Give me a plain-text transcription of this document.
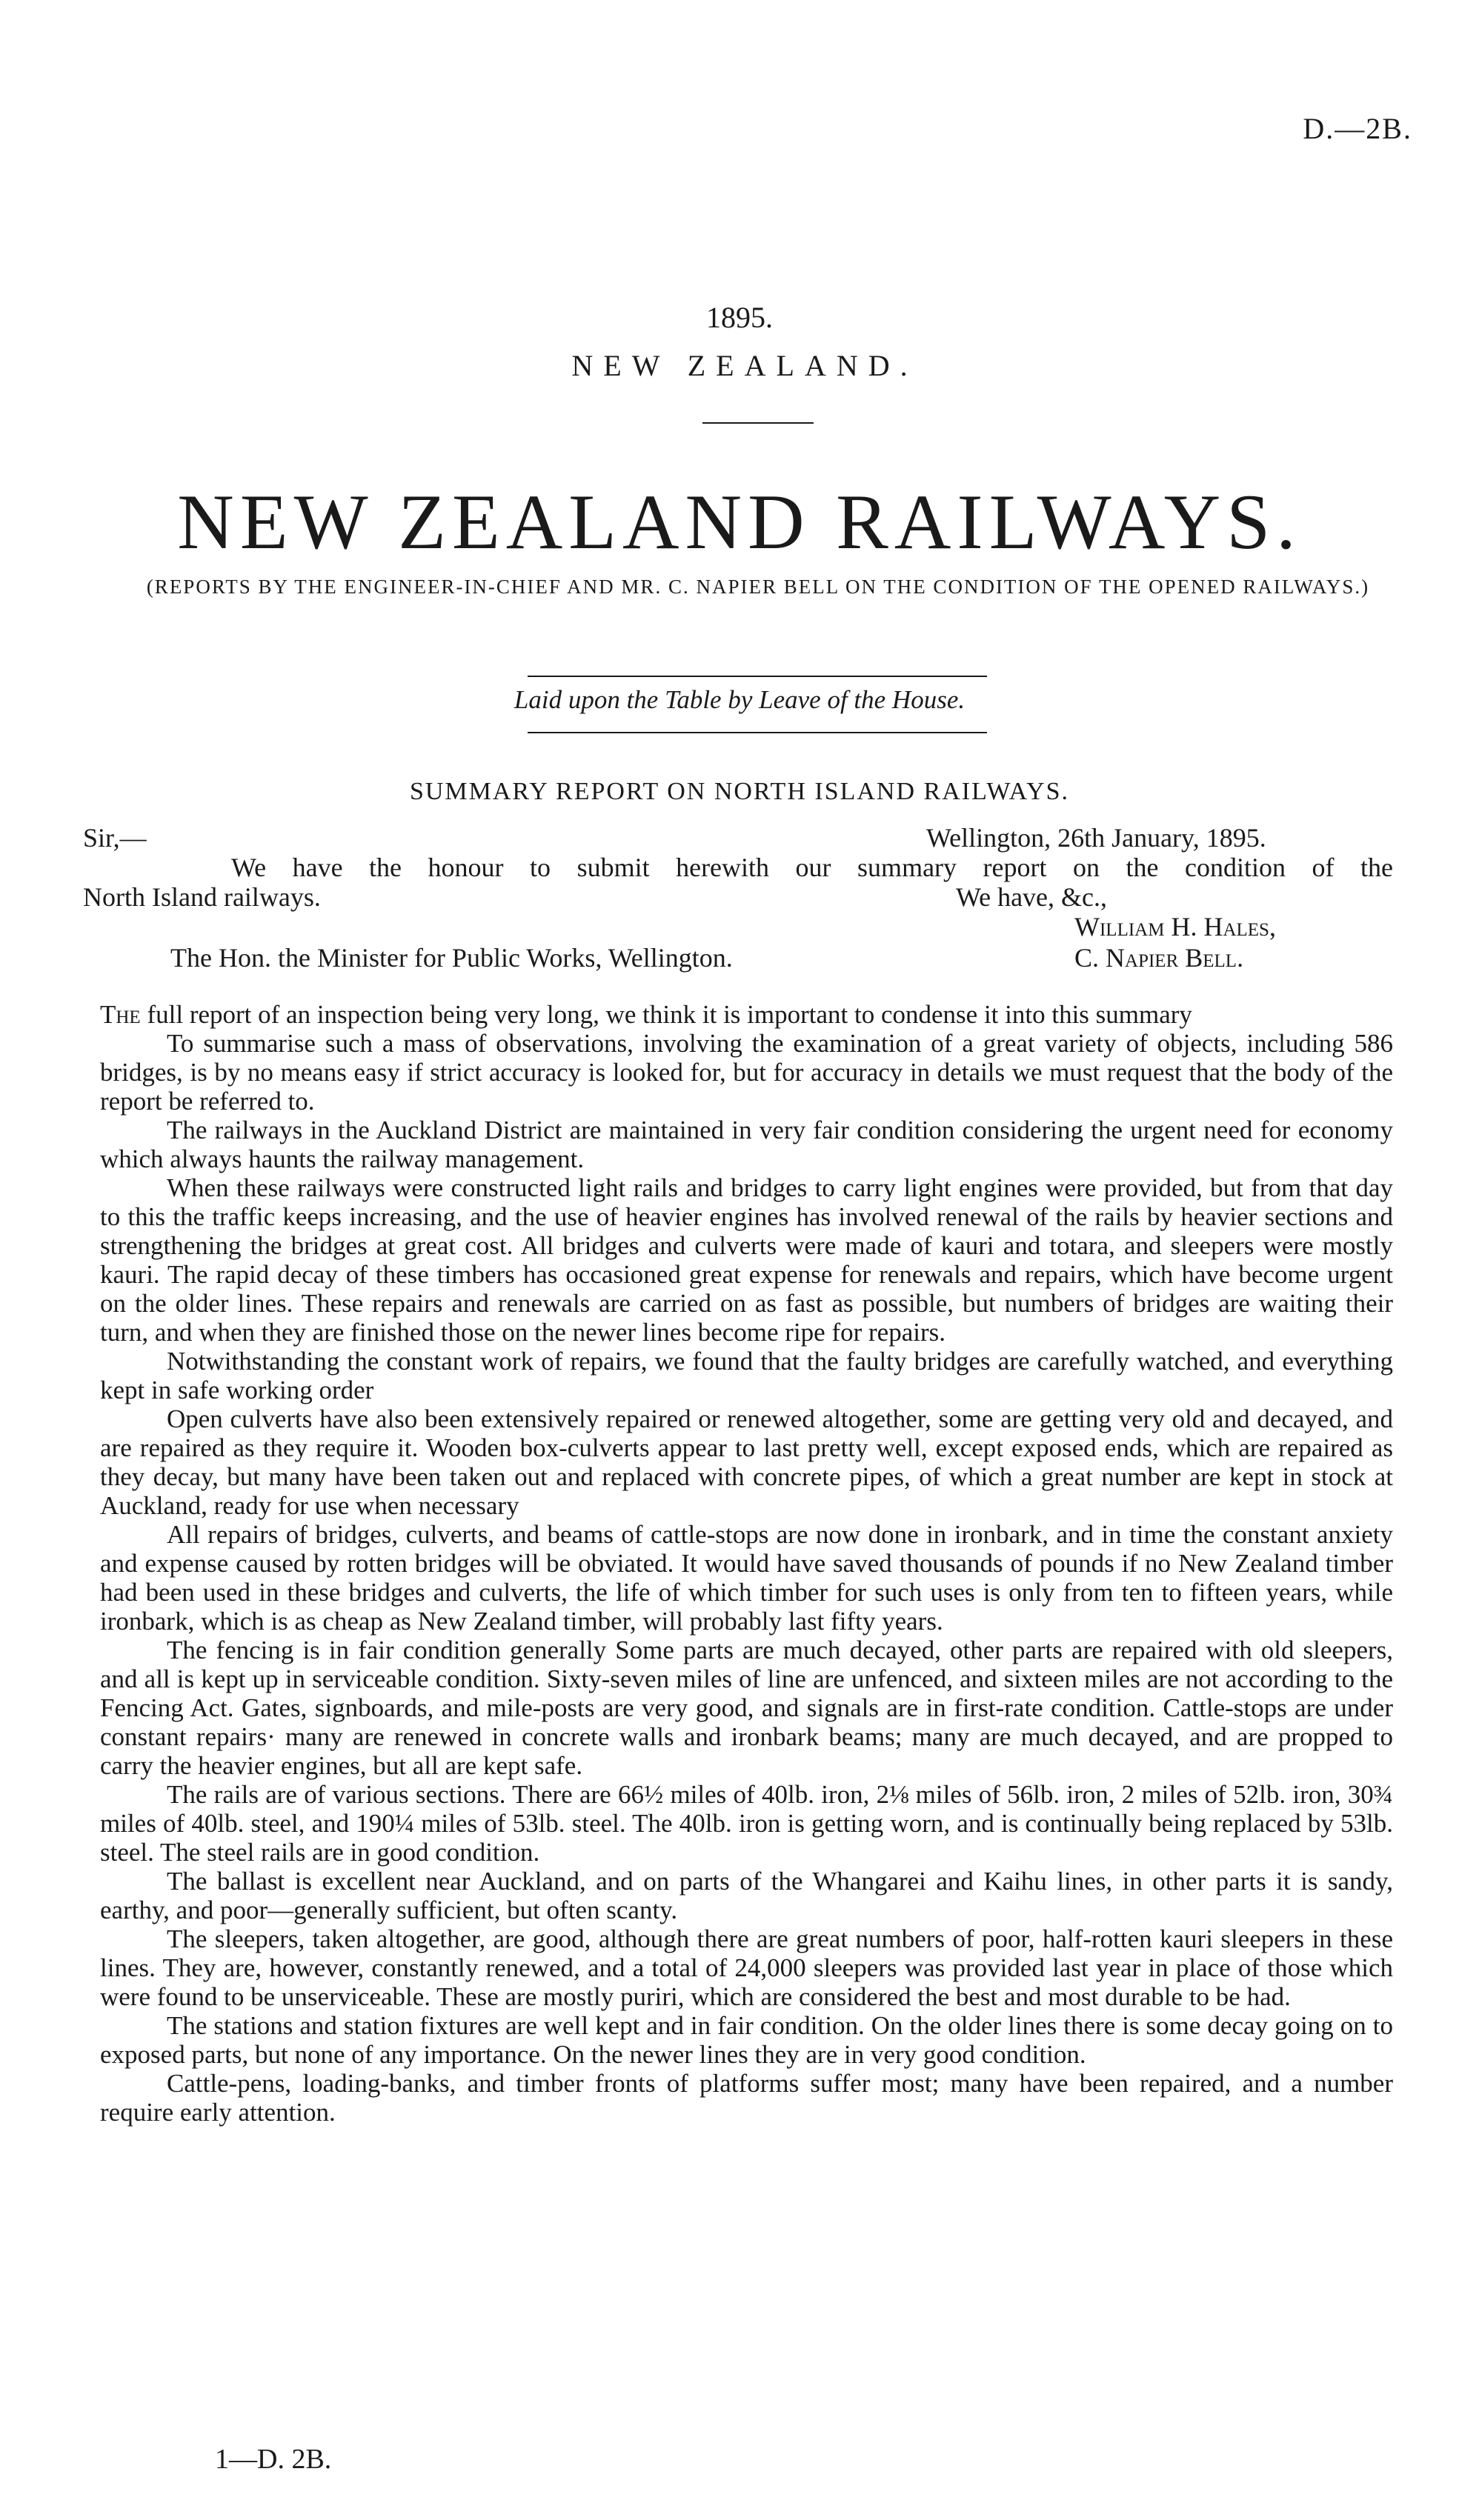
D.—2B.
1895.
NEW ZEALAND.
NEW ZEALAND RAILWAYS.
(REPORTS BY THE ENGINEER-IN-CHIEF AND MR. C. NAPIER BELL ON THE CONDITION OF THE OPENED RAILWAYS.)
Laid upon the Table by Leave of the House.
SUMMARY REPORT ON NORTH ISLAND RAILWAYS.
Sir,—	Wellington, 26th January, 1895.
We have the honour to submit herewith our summary report on the condition of the
North Island railways.	We have, &c.,
William H. Hales,
The Hon. the Minister for Public Works, Wellington.	C. Napier Bell.

The full report of an inspection being very long, we think it is important to condense it into this summary

To summarise such a mass of observations, involving the examination of a great variety of objects, including 586 bridges, is by no means easy if strict accuracy is looked for, but for accuracy in details we must request that the body of the report be referred to.

The railways in the Auckland District are maintained in very fair condition considering the urgent need for economy which always haunts the railway management.

When these railways were constructed light rails and bridges to carry light engines were provided, but from that day to this the traffic keeps increasing, and the use of heavier engines has involved renewal of the rails by heavier sections and strengthening the bridges at great cost. All bridges and culverts were made of kauri and totara, and sleepers were mostly kauri. The rapid decay of these timbers has occasioned great expense for renewals and repairs, which have become urgent on the older lines. These repairs and renewals are carried on as fast as possible, but numbers of bridges are waiting their turn, and when they are finished those on the newer lines become ripe for repairs.

Notwithstanding the constant work of repairs, we found that the faulty bridges are carefully watched, and everything kept in safe working order

Open culverts have also been extensively repaired or renewed altogether, some are getting very old and decayed, and are repaired as they require it. Wooden box-culverts appear to last pretty well, except exposed ends, which are repaired as they decay, but many have been taken out and replaced with concrete pipes, of which a great number are kept in stock at Auckland, ready for use when necessary

All repairs of bridges, culverts, and beams of cattle-stops are now done in ironbark, and in time the constant anxiety and expense caused by rotten bridges will be obviated. It would have saved thousands of pounds if no New Zealand timber had been used in these bridges and culverts, the life of which timber for such uses is only from ten to fifteen years, while ironbark, which is as cheap as New Zealand timber, will probably last fifty years.

The fencing is in fair condition generally Some parts are much decayed, other parts are repaired with old sleepers, and all is kept up in serviceable condition. Sixty-seven miles of line are unfenced, and sixteen miles are not according to the Fencing Act. Gates, signboards, and mile-posts are very good, and signals are in first-rate condition. Cattle-stops are under constant repairs· many are renewed in concrete walls and ironbark beams; many are much decayed, and are propped to carry the heavier engines, but all are kept safe.

The rails are of various sections. There are 66½ miles of 40lb. iron, 2⅛ miles of 56lb. iron, 2 miles of 52lb. iron, 30¾ miles of 40lb. steel, and 190¼ miles of 53lb. steel. The 40lb. iron is getting worn, and is continually being replaced by 53lb. steel. The steel rails are in good condition.

The ballast is excellent near Auckland, and on parts of the Whangarei and Kaihu lines, in other parts it is sandy, earthy, and poor—generally sufficient, but often scanty.

The sleepers, taken altogether, are good, although there are great numbers of poor, half-rotten kauri sleepers in these lines. They are, however, constantly renewed, and a total of 24,000 sleepers was provided last year in place of those which were found to be unserviceable. These are mostly puriri, which are considered the best and most durable to be had.

The stations and station fixtures are well kept and in fair condition. On the older lines there is some decay going on to exposed parts, but none of any importance. On the newer lines they are in very good condition.

Cattle-pens, loading-banks, and timber fronts of platforms suffer most; many have been repaired, and a number require early attention.

1—D. 2B.
